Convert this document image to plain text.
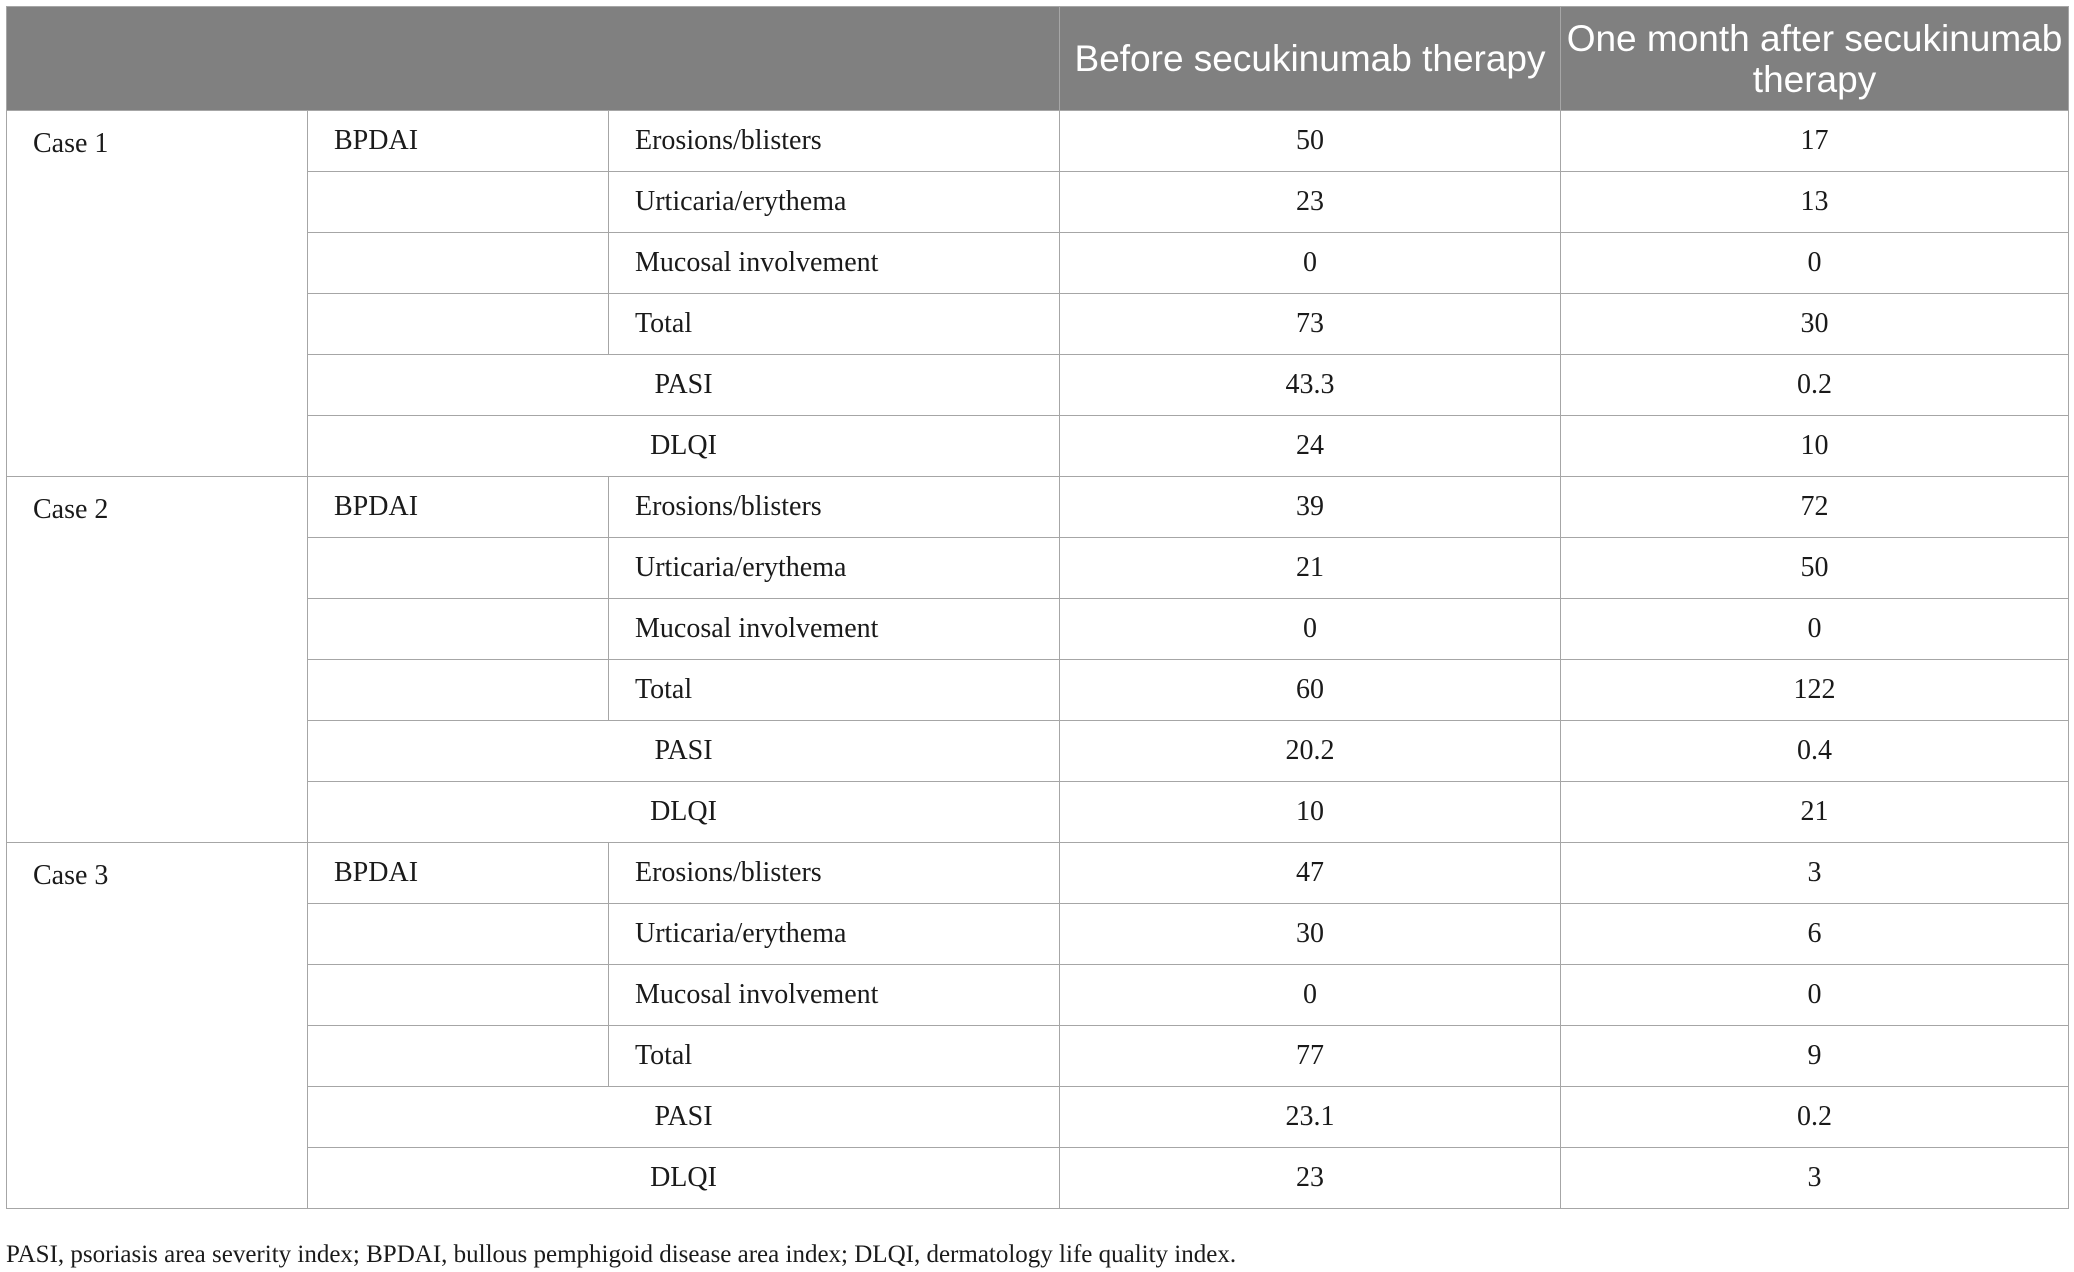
			Before secukinumab therapy	One month after secukinumab therapy
Case 1	BPDAI	Erosions/blisters	50	17
		Urticaria/erythema	23	13
		Mucosal involvement	0	0
		Total	73	30
	PASI		43.3	0.2
	DLQI		24	10
Case 2	BPDAI	Erosions/blisters	39	72
		Urticaria/erythema	21	50
		Mucosal involvement	0	0
		Total	60	122
	PASI		20.2	0.4
	DLQI		10	21
Case 3	BPDAI	Erosions/blisters	47	3
		Urticaria/erythema	30	6
		Mucosal involvement	0	0
		Total	77	9
	PASI		23.1	0.2
	DLQI		23	3

PASI, psoriasis area severity index; BPDAI, bullous pemphigoid disease area index; DLQI, dermatology life quality index.
